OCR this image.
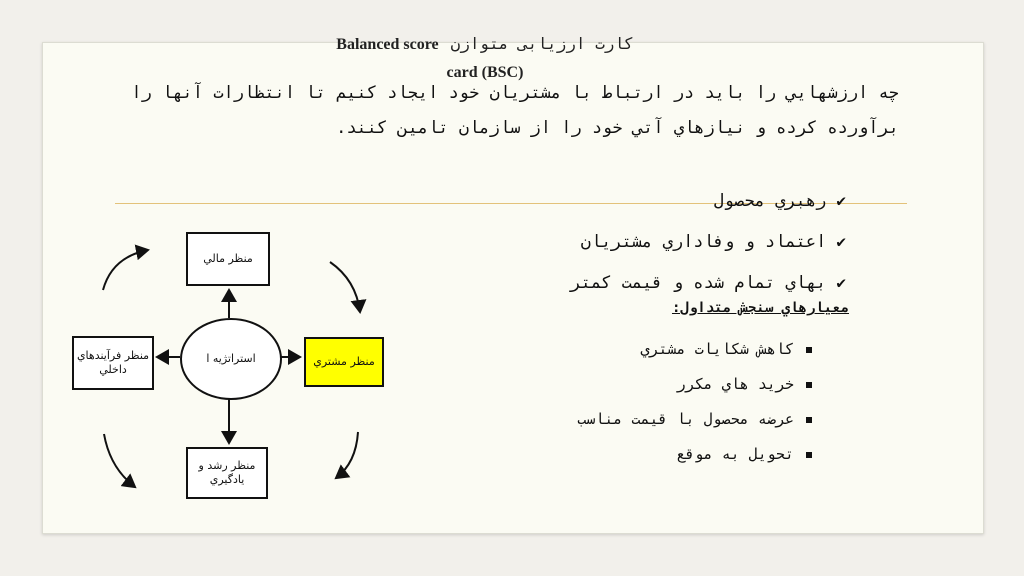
Balanced score کارت ارزیابی متوازن
card (BSC)
چه ارزشهايي را بايد در ارتباط با مشتريان خود ايجاد كنيم تا انتظارات آنها را برآورده كرده و نيازهاي آتي خود را از سازمان تامين كنند.
✔رهبري محصول
✔اعتماد و وفاداري مشتريان
✔بهاي تمام شده و قيمت كمتر
معيارهاي سنجش متداول:
كاهش شكايات مشتري
خريد هاي مكرر
عرضه محصول با قيمت مناسب
تحويل به موقع
منظر مالي
منظر فرآيندهاي داخلي
استراتژيه ا	منظر مشتري
منظر رشد و يادگيري
